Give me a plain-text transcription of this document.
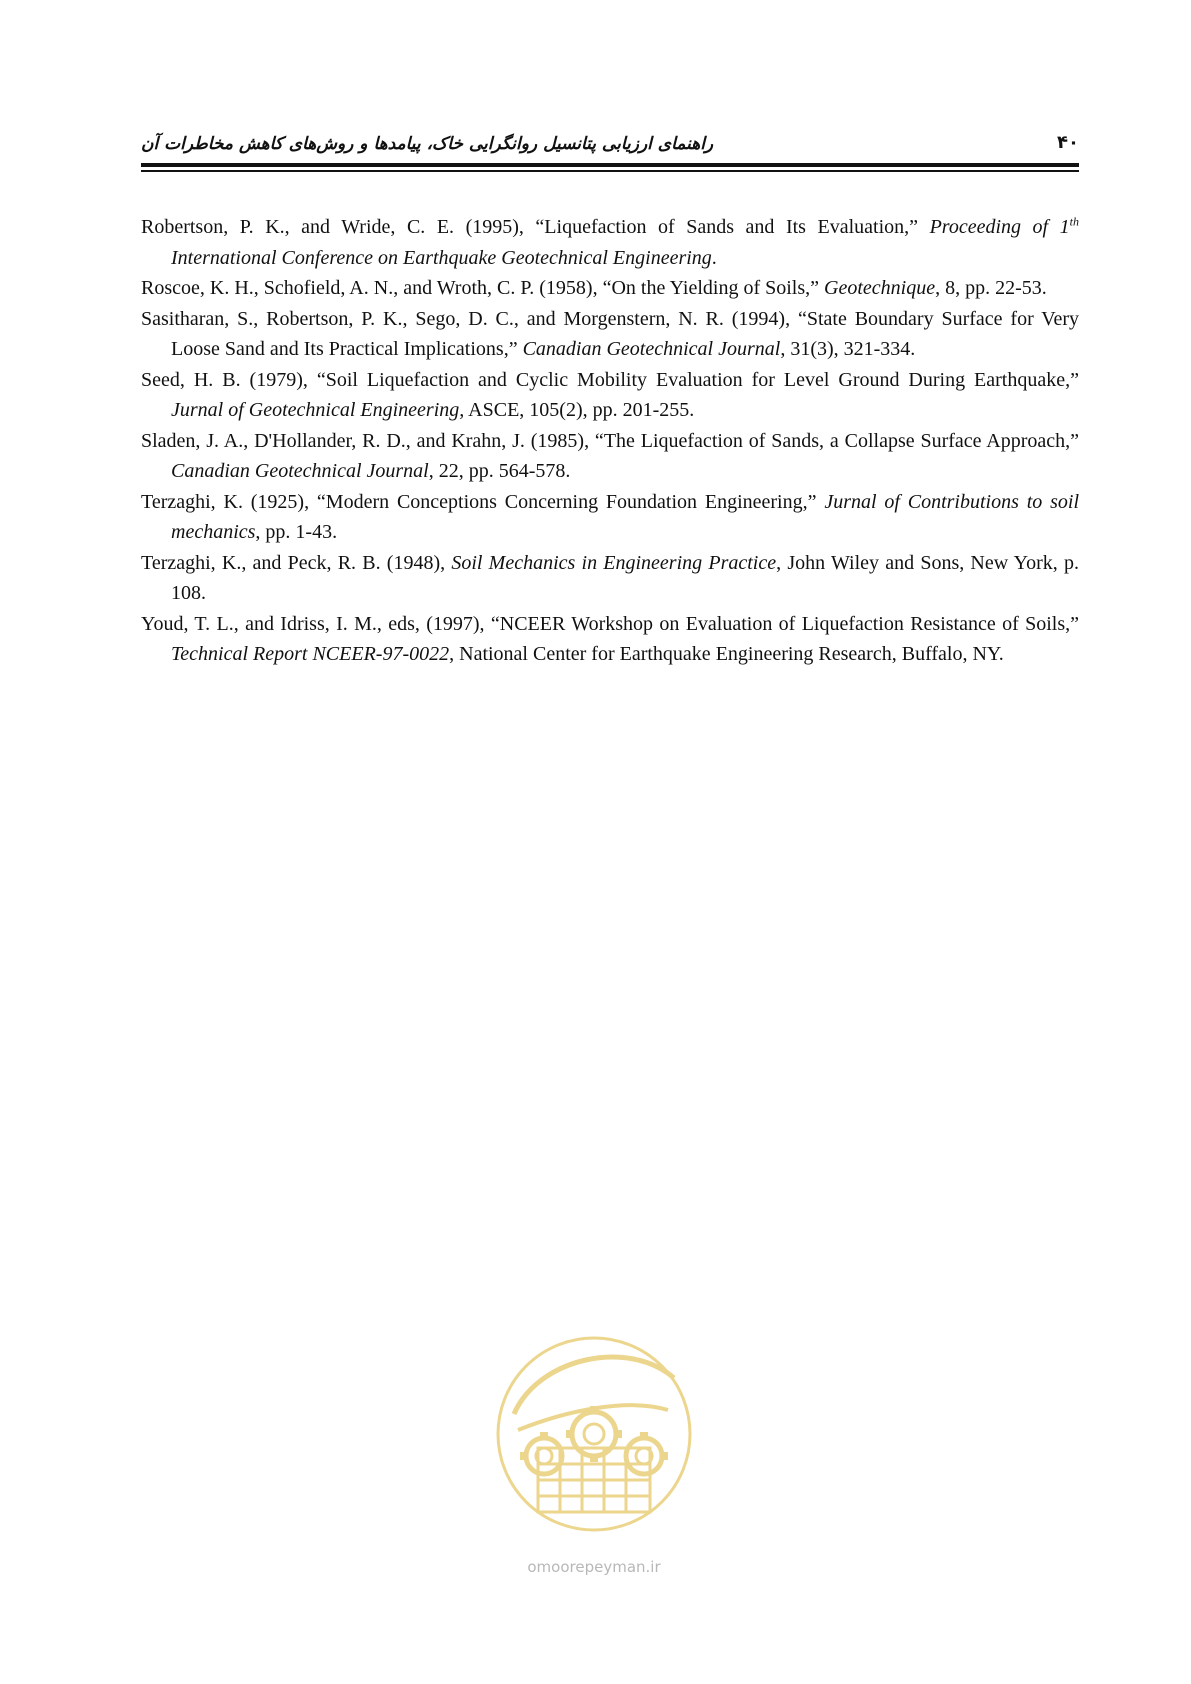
راهنمای ارزیابی پتانسیل روانگرایی خاک، پیامدها و روش‌های کاهش مخاطرات آن	۴۰
Robertson, P. K., and Wride, C. E. (1995), “Liquefaction of Sands and Its Evaluation,” Proceeding of 1th International Conference on Earthquake Geotechnical Engineering.
Roscoe, K. H., Schofield, A. N., and Wroth, C. P. (1958), “On the Yielding of Soils,” Geotechnique, 8, pp. 22-53.
Sasitharan, S., Robertson, P. K., Sego, D. C., and Morgenstern, N. R. (1994), “State Boundary Surface for Very Loose Sand and Its Practical Implications,” Canadian Geotechnical Journal, 31(3), 321-334.
Seed, H. B. (1979), “Soil Liquefaction and Cyclic Mobility Evaluation for Level Ground During Earthquake,” Jurnal of Geotechnical Engineering, ASCE, 105(2), pp. 201-255.
Sladen, J. A., D'Hollander, R. D., and Krahn, J. (1985), “The Liquefaction of Sands, a Collapse Surface Approach,” Canadian Geotechnical Journal, 22, pp. 564-578.
Terzaghi, K. (1925), “Modern Conceptions Concerning Foundation Engineering,” Jurnal of Contributions to soil mechanics, pp. 1-43.
Terzaghi, K., and Peck, R. B. (1948), Soil Mechanics in Engineering Practice, John Wiley and Sons, New York, p. 108.
Youd, T. L., and Idriss, I. M., eds, (1997), “NCEER Workshop on Evaluation of Liquefaction Resistance of Soils,” Technical Report NCEER-97-0022, National Center for Earthquake Engineering Research, Buffalo, NY.
omoorepeyman.ir
